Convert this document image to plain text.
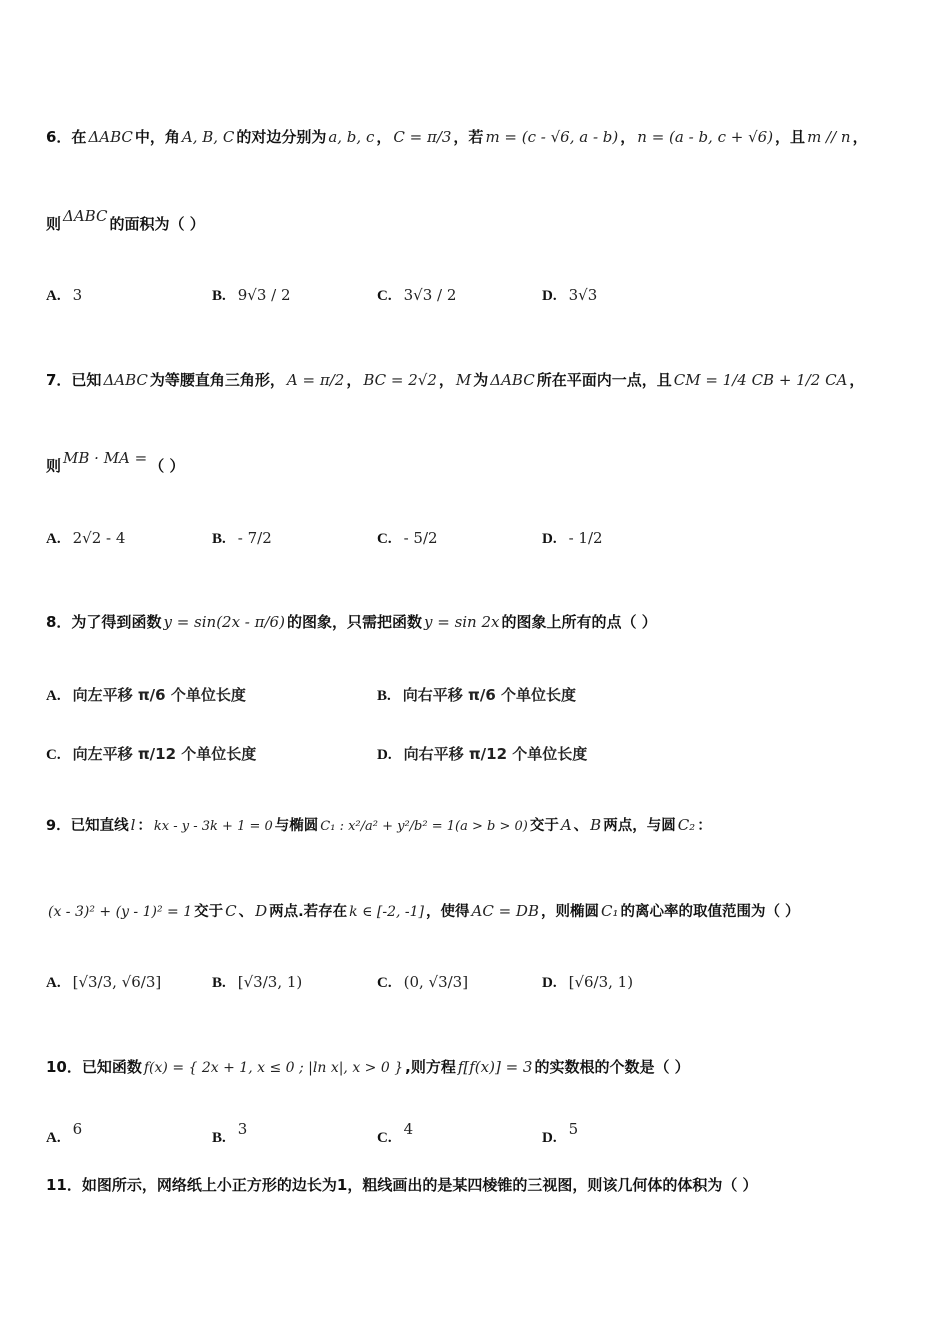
6．在 ΔABC 中，角 A, B, C 的对边分别为 a, b, c ， C = π/3 ，若 m = (c - √6, a - b) ， n = (a - b, c + √6) ，且 m // n ，
则 ΔABC 的面积为（ ）
A. 3	B. 9√3 / 2	C. 3√3 / 2	D. 3√3
7．已知 ΔABC 为等腰直角三角形， A = π/2 ， BC = 2√2 ， M 为 ΔABC 所在平面内一点，且 CM = 1/4 CB + 1/2 CA ，
则 MB · MA = （ ）
A. 2√2 - 4	B. - 7/2	C. - 5/2	D. - 1/2
8．为了得到函数 y = sin(2x - π/6) 的图象，只需把函数 y = sin 2x 的图象上所有的点（ ）
A. 向左平移 π/6 个单位长度	B. 向右平移 π/6 个单位长度
C. 向左平移 π/12 个单位长度	D. 向右平移 π/12 个单位长度
9．已知直线 l ： kx - y - 3k + 1 = 0 与椭圆 C₁ : x²/a² + y²/b² = 1(a > b > 0) 交于 A 、 B 两点，与圆 C₂ ：
(x - 3)² + (y - 1)² = 1 交于 C 、 D 两点.若存在 k ∈ [-2, -1] ，使得 AC = DB ，则椭圆 C₁ 的离心率的取值范围为（ ）
A. [√3/3, √6/3]	B. [√3/3, 1)	C. (0, √3/3]	D. [√6/3, 1)
10．已知函数 f(x) = { 2x + 1, x ≤ 0 ; |ln x|, x > 0 } ,则方程 f[f(x)] = 3 的实数根的个数是（ ）
A. 6	B. 3	C. 4	D. 5
11．如图所示，网络纸上小正方形的边长为1，粗线画出的是某四棱锥的三视图，则该几何体的体积为（ ）
